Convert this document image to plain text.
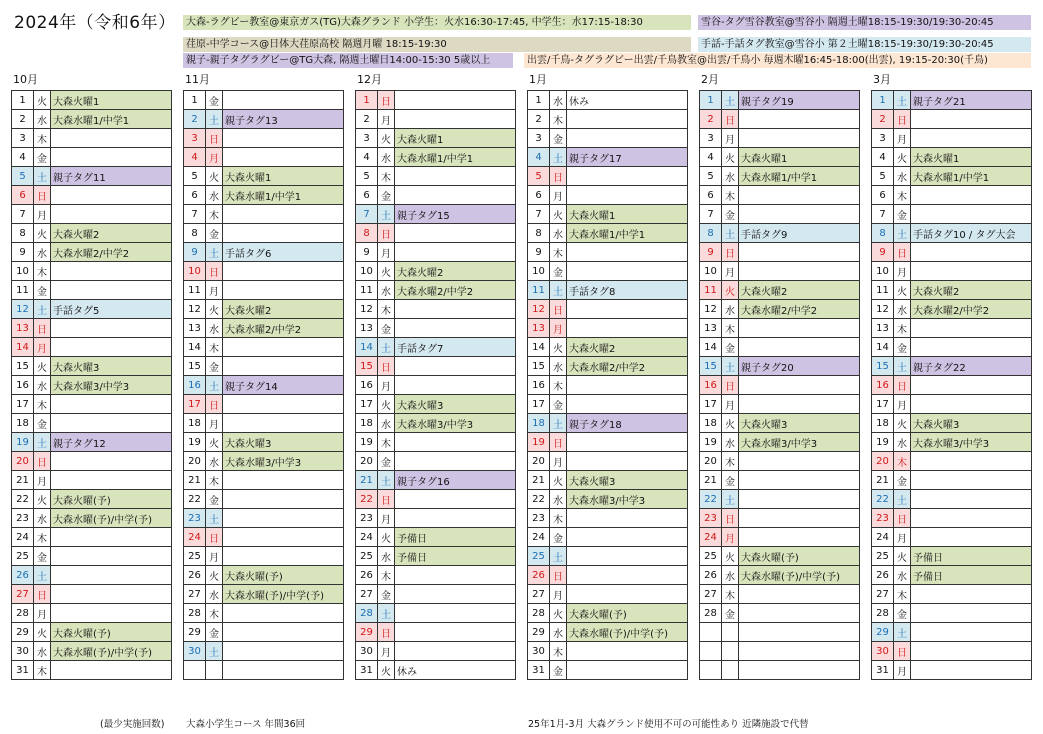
2024年（令和6年）	大森-ラグビー教室@東京ガス(TG)大森グランド 小学生：火水16:30-17:45, 中学生：水17:15-18:30	雪谷-タグ雪谷教室@雪谷小 隔週土曜18:15-19:30/19:30-20:45
荏原-中学コース@日体大荏原高校 隔週月曜 18:15-19:30	手話-手話タグ教室@雪谷小 第２土曜18:15-19:30/19:30-20:45
親子-親子タグラグビー@TG大森, 隔週土曜日14:00-15:30 5歳以上	出雲/千鳥-タグラグビー出雲/千鳥教室@出雲/千鳥小 毎週木曜16:45-18:00(出雲), 19:15-20:30(千鳥)
10月
1	火	大森火曜1
2	水	大森水曜1/中学1
3	木	
4	金	
5	土	親子タグ11
6	日	
7	月	
8	火	大森火曜2
9	水	大森水曜2/中学2
10	木	
11	金	
12	土	手話タグ5
13	日	
14	月	
15	火	大森火曜3
16	水	大森水曜3/中学3
17	木	
18	金	
19	土	親子タグ12
20	日	
21	月	
22	火	大森火曜(予)
23	水	大森水曜(予)/中学(予)
24	木	
25	金	
26	土	
27	日	
28	月	
29	火	大森火曜(予)
30	水	大森水曜(予)/中学(予)
31	木	
11月
1	金	
2	土	親子タグ13
3	日	
4	月	
5	火	大森火曜1
6	水	大森水曜1/中学1
7	木	
8	金	
9	土	手話タグ6
10	日	
11	月	
12	火	大森火曜2
13	水	大森水曜2/中学2
14	木	
15	金	
16	土	親子タグ14
17	日	
18	月	
19	火	大森火曜3
20	水	大森水曜3/中学3
21	木	
22	金	
23	土	
24	日	
25	月	
26	火	大森火曜(予)
27	水	大森水曜(予)/中学(予)
28	木	
29	金	
30	土	

12月
1	日	
2	月	
3	火	大森火曜1
4	水	大森水曜1/中学1
5	木	
6	金	
7	土	親子タグ15
8	日	
9	月	
10	火	大森火曜2
11	水	大森水曜2/中学2
12	木	
13	金	
14	土	手話タグ7
15	日	
16	月	
17	火	大森火曜3
18	水	大森水曜3/中学3
19	木	
20	金	
21	土	親子タグ16
22	日	
23	月	
24	火	予備日
25	水	予備日
26	木	
27	金	
28	土	
29	日	
30	月	
31	火	休み
1月
1	水	休み
2	木	
3	金	
4	土	親子タグ17
5	日	
6	月	
7	火	大森火曜1
8	水	大森水曜1/中学1
9	木	
10	金	
11	土	手話タグ8
12	日	
13	月	
14	火	大森火曜2
15	水	大森水曜2/中学2
16	木	
17	金	
18	土	親子タグ18
19	日	
20	月	
21	火	大森火曜3
22	水	大森水曜3/中学3
23	木	
24	金	
25	土	
26	日	
27	月	
28	火	大森火曜(予)
29	水	大森水曜(予)/中学(予)
30	木	
31	金	
2月
1	土	親子タグ19
2	日	
3	月	
4	火	大森火曜1
5	水	大森水曜1/中学1
6	木	
7	金	
8	土	手話タグ9
9	日	
10	月	
11	火	大森火曜2
12	水	大森水曜2/中学2
13	木	
14	金	
15	土	親子タグ20
16	日	
17	月	
18	火	大森火曜3
19	水	大森水曜3/中学3
20	木	
21	金	
22	土	
23	日	
24	月	
25	火	大森火曜(予)
26	水	大森水曜(予)/中学(予)
27	木	
28	金	

3月
1	土	親子タグ21
2	日	
3	月	
4	火	大森火曜1
5	水	大森水曜1/中学1
6	木	
7	金	
8	土	手話タグ10 / タグ大会
9	日	
10	月	
11	火	大森火曜2
12	水	大森水曜2/中学2
13	木	
14	金	
15	土	親子タグ22
16	日	
17	月	
18	火	大森火曜3
19	水	大森水曜3/中学3
20	木	
21	金	
22	土	
23	日	
24	月	
25	火	予備日
26	水	予備日
27	木	
28	金	
29	土	
30	日	
31	月	
(最少実施回数) 大森小学生コース 年間36回	25年1月-3月 大森グランド使用不可の可能性あり 近隣施設で代替
